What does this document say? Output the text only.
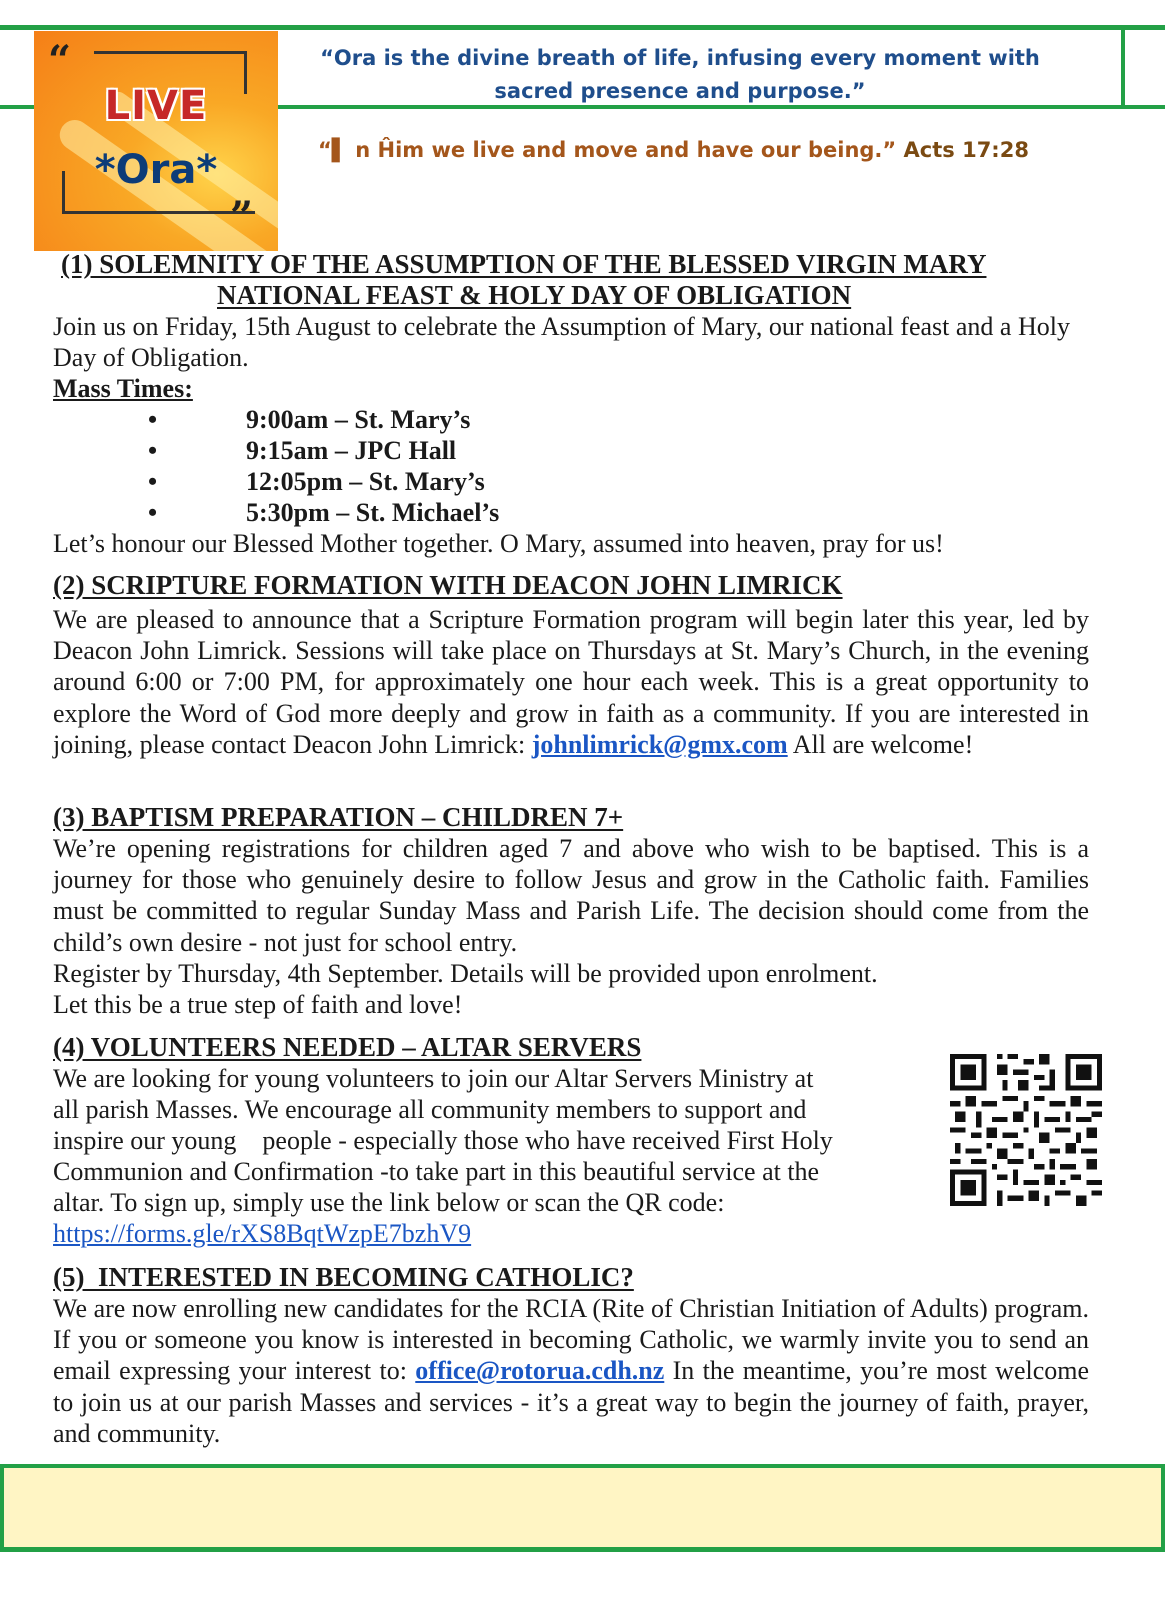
“
”
LIVE
*Ora*
“Ora is the divine breath of life, infusing every moment with sacred presence and purpose.”
“▌ n Ĥim we live and move and have our being.” Acts 17:28
(1) SOLEMNITY OF THE ASSUMPTION OF THE BLESSED VIRGIN MARY
NATIONAL FEAST & HOLY DAY OF OBLIGATION
Join us on Friday, 15th August to celebrate the Assumption of Mary, our national feast and a Holy Day of Obligation.
Mass Times:
•	9:00am – St. Mary’s
•	9:15am – JPC Hall
•	12:05pm – St. Mary’s
•	5:30pm – St. Michael’s
Let’s honour our Blessed Mother together. O Mary, assumed into heaven, pray for us!
(2) SCRIPTURE FORMATION WITH DEACON JOHN LIMRICK
We are pleased to announce that a Scripture Formation program will begin later this year, led by Deacon John Limrick. Sessions will take place on Thursdays at St. Mary’s Church, in the evening around 6:00 or 7:00 PM, for approximately one hour each week. This is a great opportunity to explore the Word of God more deeply and grow in faith as a community. If you are interested in joining, please contact Deacon John Limrick: johnlimrick@gmx.com All are welcome!
(3) BAPTISM PREPARATION – CHILDREN 7+
We’re opening registrations for children aged 7 and above who wish to be baptised. This is a journey for those who genuinely desire to follow Jesus and grow in the Catholic faith. Families must be committed to regular Sunday Mass and Parish Life. The decision should come from the child’s own desire - not just for school entry.
Register by Thursday, 4th September. Details will be provided upon enrolment.
Let this be a true step of faith and love!
(4) VOLUNTEERS NEEDED – ALTAR SERVERS
We are looking for young volunteers to join our Altar Servers Ministry at
all parish Masses. We encourage all community members to support and
inspire our young    people - especially those who have received First Holy
Communion and Confirmation -to take part in this beautiful service at the
altar. To sign up, simply use the link below or scan the QR code:
https://forms.gle/rXS8BqtWzpE7bzhV9
(5)  INTERESTED IN BECOMING CATHOLIC?
We are now enrolling new candidates for the RCIA (Rite of Christian Initiation of Adults) program. If you or someone you know is interested in becoming Catholic, we warmly invite you to send an email expressing your interest to: office@rotorua.cdh.nz In the meantime, you’re most welcome to join us at our parish Masses and services - it’s a great way to begin the journey of faith, prayer, and community.
